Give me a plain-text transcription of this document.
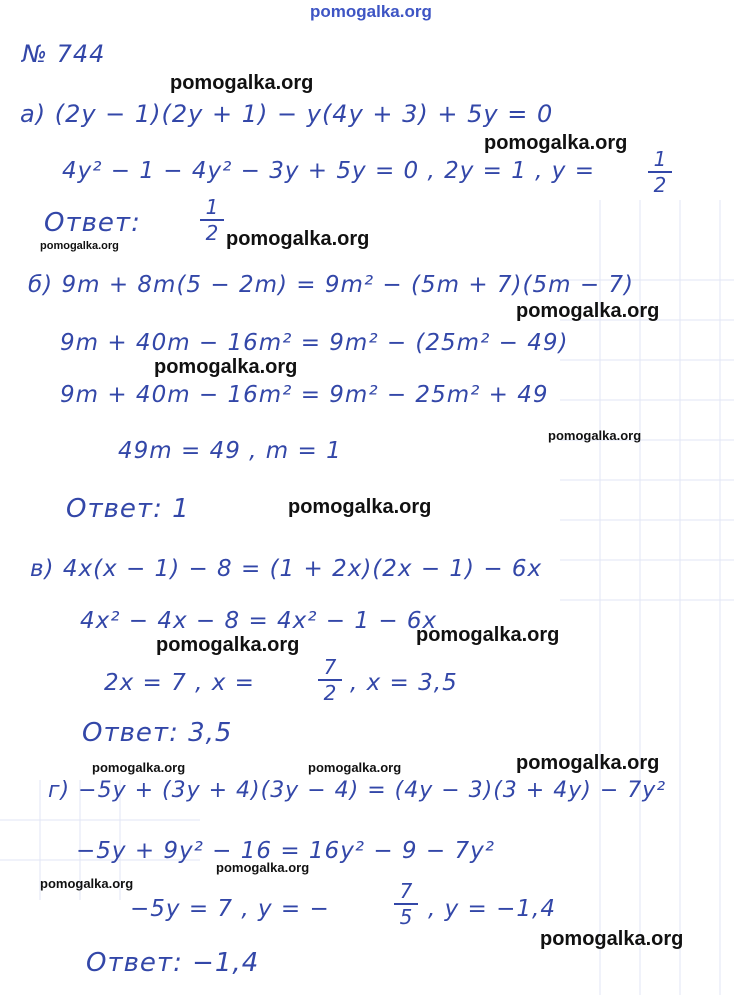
pomogalka.org
№ 744
а) (2y − 1)(2y + 1) − y(4y + 3) + 5y = 0
4y² − 1 − 4y² − 3y + 5y = 0 , 2y = 1 , y =	1
2
Ответ:
1
2
б) 9m + 8m(5 − 2m) = 9m² − (5m + 7)(5m − 7)
9m + 40m − 16m² = 9m² − (25m² − 49)
9m + 40m − 16m² = 9m² − 25m² + 49
49m = 49 , m = 1
Ответ: 1
в) 4x(x − 1) − 8 = (1 + 2x)(2x − 1) − 6x
4x² − 4x − 8 = 4x² − 1 − 6x
2x = 7 , x =
7
2 , x = 3,5
Ответ: 3,5
г) −5y + (3y + 4)(3y − 4) = (4y − 3)(3 + 4y) − 7y²
−5y + 9y² − 16 = 16y² − 9 − 7y²
−5y = 7 , y = −
7
5 , y = −1,4
Ответ: −1,4
pomogalka.org
pomogalka.org
pomogalka.org	pomogalka.org
pomogalka.org
pomogalka.org
pomogalka.org
pomogalka.org
pomogalka.org	pomogalka.org
pomogalka.org
pomogalka.org	pomogalka.org
pomogalka.org
pomogalka.org
pomogalka.org
